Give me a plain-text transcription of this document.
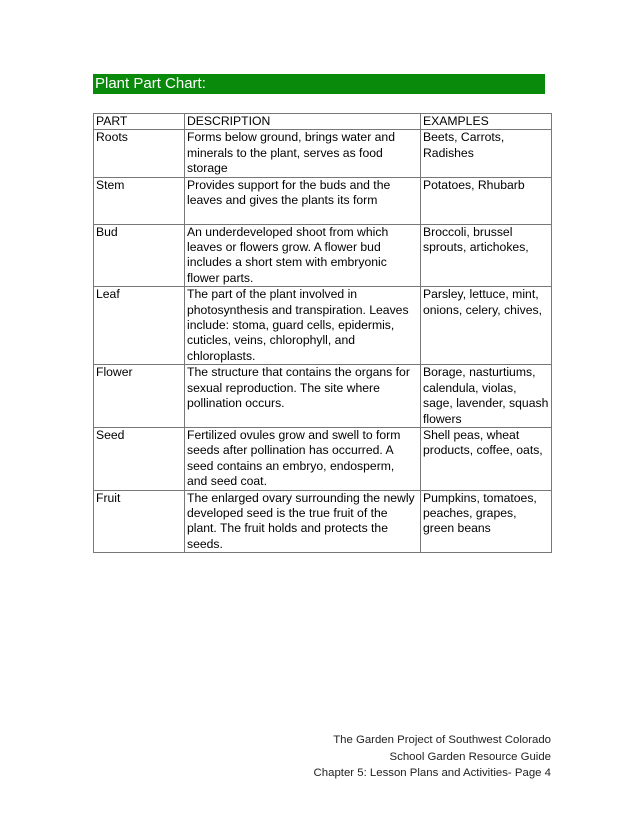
Plant Part Chart:
PART	DESCRIPTION	EXAMPLES
Roots	Forms below ground, brings water and minerals to the plant, serves as food storage	Beets, Carrots, Radishes
Stem	Provides support for the buds and the leaves and gives the plants its form	Potatoes, Rhubarb
Bud	An underdeveloped shoot from which leaves or flowers grow. A flower bud includes a short stem with embryonic flower parts.	Broccoli, brussel sprouts, artichokes,
Leaf	The part of the plant involved in photosynthesis and transpiration. Leaves include: stoma, guard cells, epidermis, cuticles, veins, chlorophyll, and chloroplasts.	Parsley, lettuce, mint, onions, celery, chives,
Flower	The structure that contains the organs for sexual reproduction. The site where pollination occurs.	Borage, nasturtiums, calendula, violas, sage, lavender, squash flowers
Seed	Fertilized ovules grow and swell to form seeds after pollination has occurred. A seed contains an embryo, endosperm, and seed coat.	Shell peas, wheat products, coffee, oats,
Fruit	The enlarged ovary surrounding the newly developed seed is the true fruit of the plant. The fruit holds and protects the seeds.	Pumpkins, tomatoes, peaches, grapes, green beans
The Garden Project of Southwest Colorado
School Garden Resource Guide
Chapter 5: Lesson Plans and Activities- Page 4
